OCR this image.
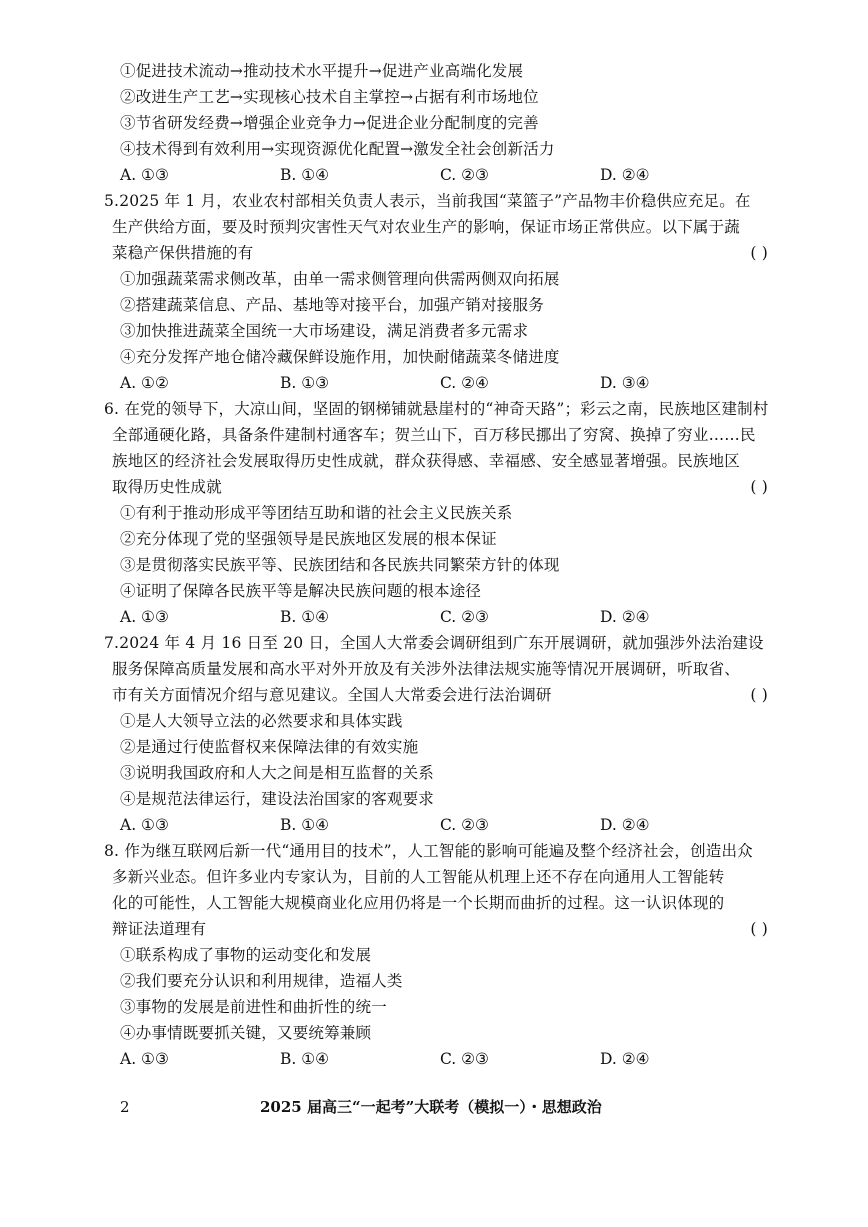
①促进技术流动→推动技术水平提升→促进产业高端化发展
②改进生产工艺→实现核心技术自主掌控→占据有利市场地位
③节省研发经费→增强企业竞争力→促进企业分配制度的完善
④技术得到有效利用→实现资源优化配置→激发全社会创新活力
A. ①③	B. ①④	C. ②③	D. ②④
5.2025 年 1 月，农业农村部相关负责人表示，当前我国“菜篮子”产品物丰价稳供应充足。在
生产供给方面，要及时预判灾害性天气对农业生产的影响，保证市场正常供应。以下属于蔬
菜稳产保供措施的有	( )
①加强蔬菜需求侧改革，由单一需求侧管理向供需两侧双向拓展
②搭建蔬菜信息、产品、基地等对接平台，加强产销对接服务
③加快推进蔬菜全国统一大市场建设，满足消费者多元需求
④充分发挥产地仓储冷藏保鲜设施作用，加快耐储蔬菜冬储进度
A. ①②	B. ①③	C. ②④	D. ③④
6. 在党的领导下，大凉山间，坚固的钢梯铺就悬崖村的“神奇天路”；彩云之南，民族地区建制村
全部通硬化路，具备条件建制村通客车；贺兰山下，百万移民挪出了穷窝、换掉了穷业……民
族地区的经济社会发展取得历史性成就，群众获得感、幸福感、安全感显著增强。民族地区
取得历史性成就	( )
①有利于推动形成平等团结互助和谐的社会主义民族关系
②充分体现了党的坚强领导是民族地区发展的根本保证
③是贯彻落实民族平等、民族团结和各民族共同繁荣方针的体现
④证明了保障各民族平等是解决民族问题的根本途径
A. ①③	B. ①④	C. ②③	D. ②④
7.2024 年 4 月 16 日至 20 日，全国人大常委会调研组到广东开展调研，就加强涉外法治建设
服务保障高质量发展和高水平对外开放及有关涉外法律法规实施等情况开展调研，听取省、
市有关方面情况介绍与意见建议。全国人大常委会进行法治调研	( )
①是人大领导立法的必然要求和具体实践
②是通过行使监督权来保障法律的有效实施
③说明我国政府和人大之间是相互监督的关系
④是规范法律运行，建设法治国家的客观要求
A. ①③	B. ①④	C. ②③	D. ②④
8. 作为继互联网后新一代“通用目的技术”，人工智能的影响可能遍及整个经济社会，创造出众
多新兴业态。但许多业内专家认为，目前的人工智能从机理上还不存在向通用人工智能转
化的可能性，人工智能大规模商业化应用仍将是一个长期而曲折的过程。这一认识体现的
辩证法道理有	( )
①联系构成了事物的运动变化和发展
②我们要充分认识和利用规律，造福人类
③事物的发展是前进性和曲折性的统一
④办事情既要抓关键，又要统筹兼顾
A. ①③	B. ①④	C. ②③	D. ②④
2	2025 届高三“一起考”大联考（模拟一）・思想政治
